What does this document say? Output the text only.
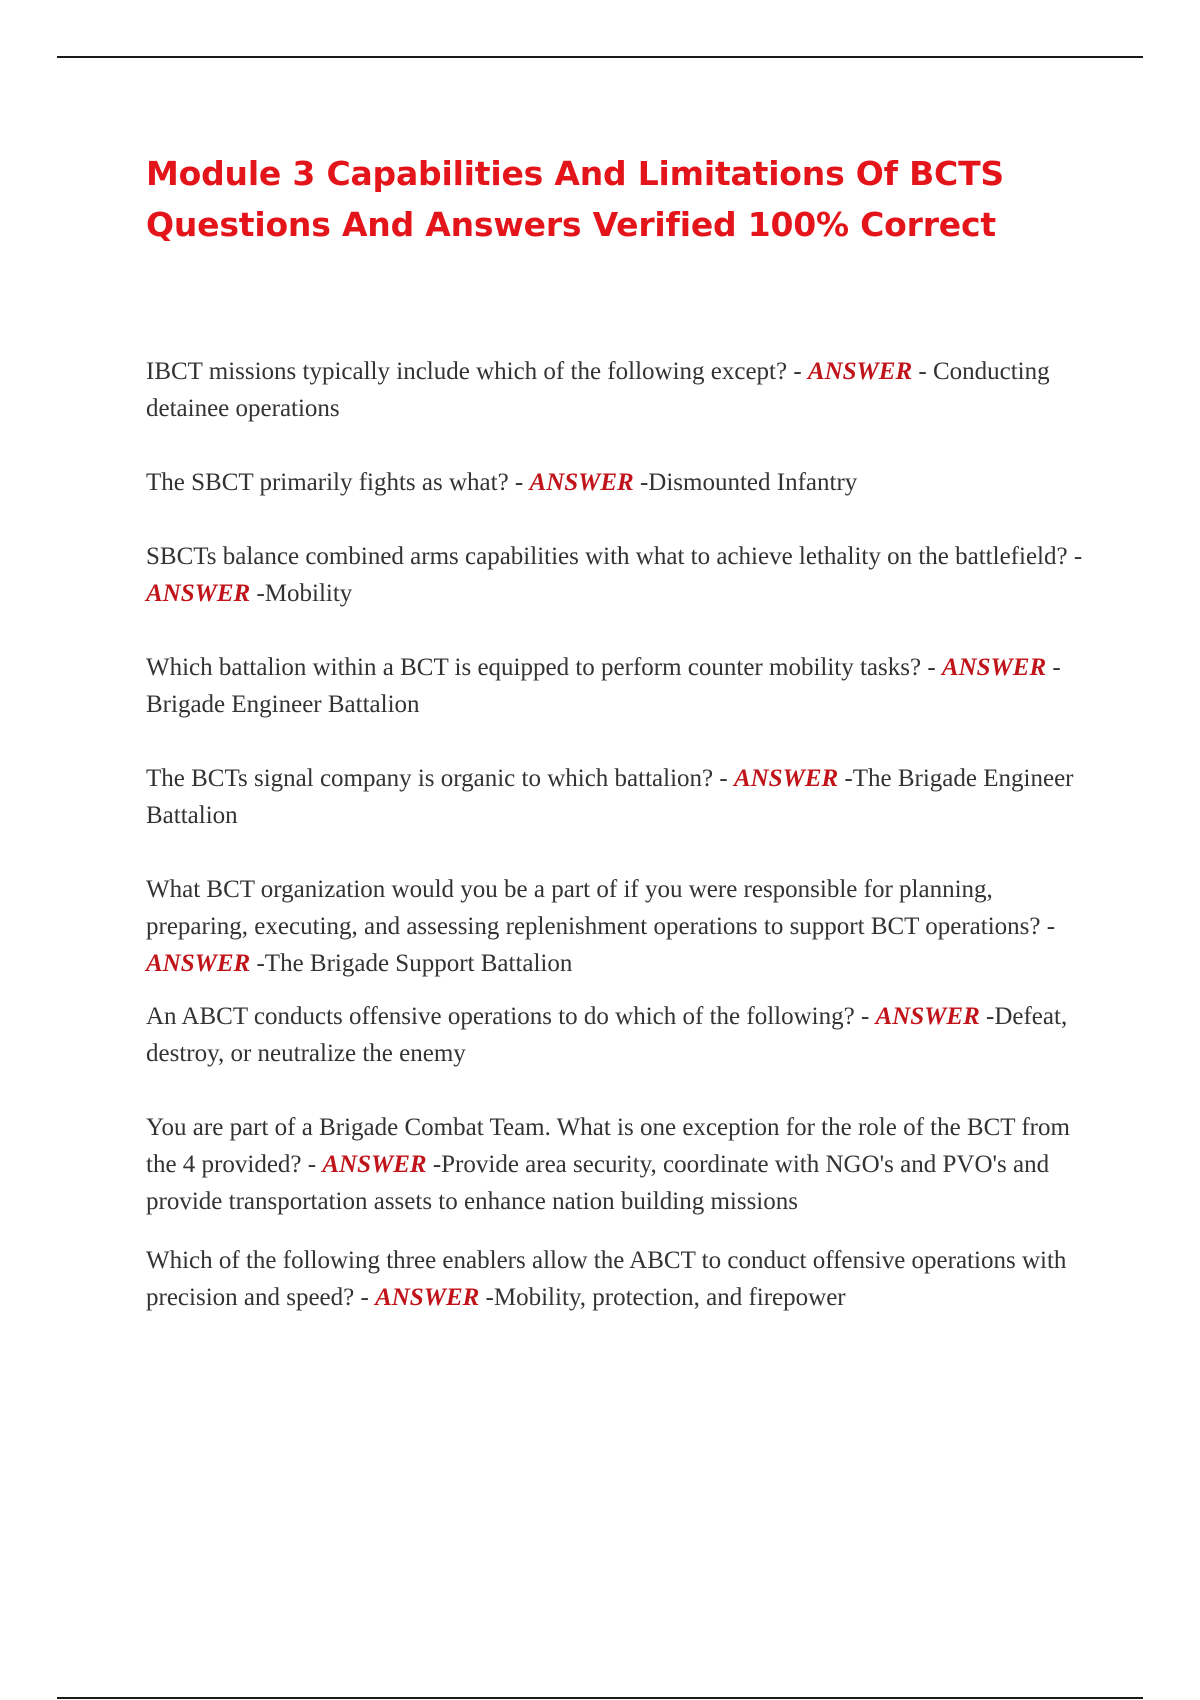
Module 3 Capabilities And Limitations Of BCTS Questions And Answers Verified 100% Correct

IBCT missions typically include which of the following except? - ANSWER - Conducting detainee operations

The SBCT primarily fights as what? - ANSWER -Dismounted Infantry

SBCTs balance combined arms capabilities with what to achieve lethality on the battlefield? - ANSWER -Mobility

Which battalion within a BCT is equipped to perform counter mobility tasks? - ANSWER -Brigade Engineer Battalion

The BCTs signal company is organic to which battalion? - ANSWER -The Brigade Engineer Battalion

What BCT organization would you be a part of if you were responsible for planning, preparing, executing, and assessing replenishment operations to support BCT operations? - ANSWER -The Brigade Support Battalion

An ABCT conducts offensive operations to do which of the following? - ANSWER -Defeat, destroy, or neutralize the enemy

You are part of a Brigade Combat Team. What is one exception for the role of the BCT from the 4 provided? - ANSWER -Provide area security, coordinate with NGO's and PVO's and provide transportation assets to enhance nation building missions

Which of the following three enablers allow the ABCT to conduct offensive operations with precision and speed? - ANSWER -Mobility, protection, and firepower
